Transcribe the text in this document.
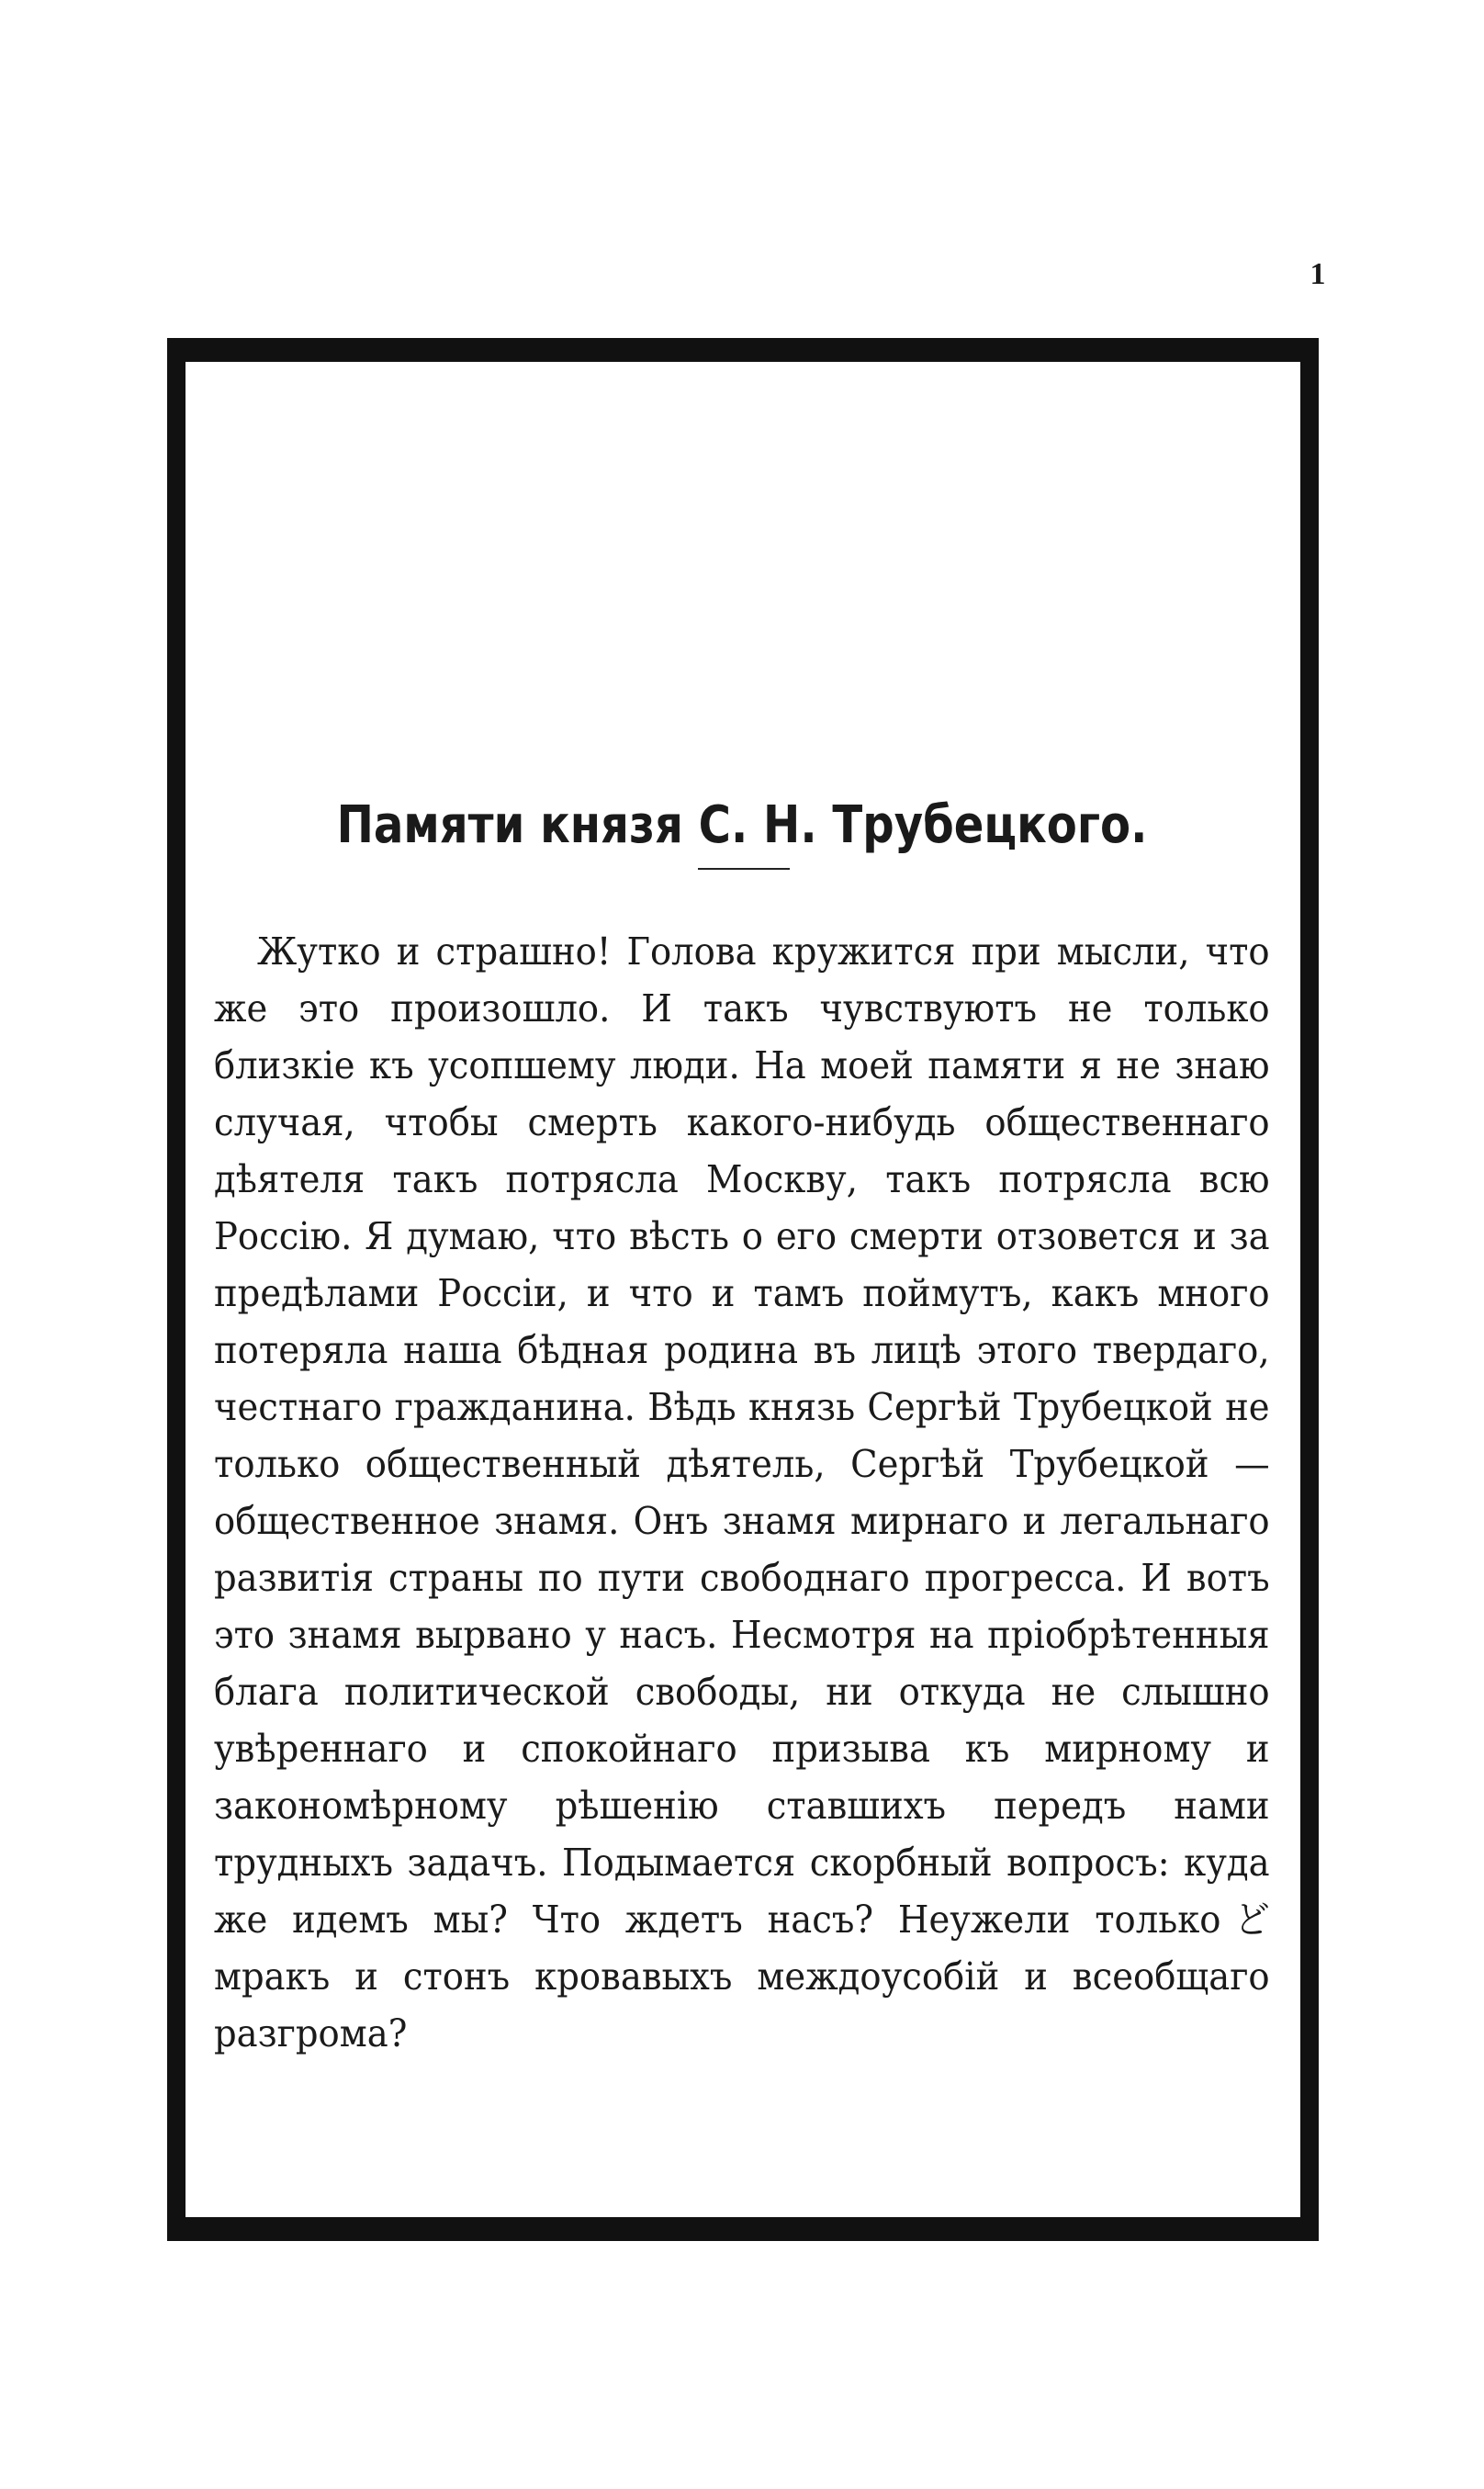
1
Памяти князя С. Н. Трубецкого.

Жутко и страшно! Голова кружится при мысли, что же это произошло. И такъ чувствуютъ не только близкіе къ усопшему люди. На моей памяти я не знаю случая, чтобы смерть какого-нибудь общественнаго дѣятеля такъ потрясла Москву, такъ потрясла всю Россію. Я думаю, что вѣсть о его смерти отзовется и за предѣлами Россіи, и что и тамъ поймутъ, какъ много потеряла наша бѣдная родина въ лицѣ этого твердаго, честнаго гражданина. Вѣдь князь Сергѣй Трубецкой не только общественный дѣятель, Сергѣй Трубецкой — общественное знамя. Онъ знамя мирнаго и легальнаго развитія страны по пути свободнаго прогресса. И вотъ это знамя вырвано у насъ. Несмотря на пріобрѣтенныя блага политической свободы, ни откуда не слышно увѣреннаго и спокойнаго призыва къ мирному и закономѣрному рѣшенію ставшихъ передъ нами трудныхъ задачъ. Подымается скорбный вопросъ: куда же идемъ мы? Что ждетъ насъ? Неужели толькоど мракъ и стонъ кровавыхъ междоусобій и всеобщаго разгрома?
